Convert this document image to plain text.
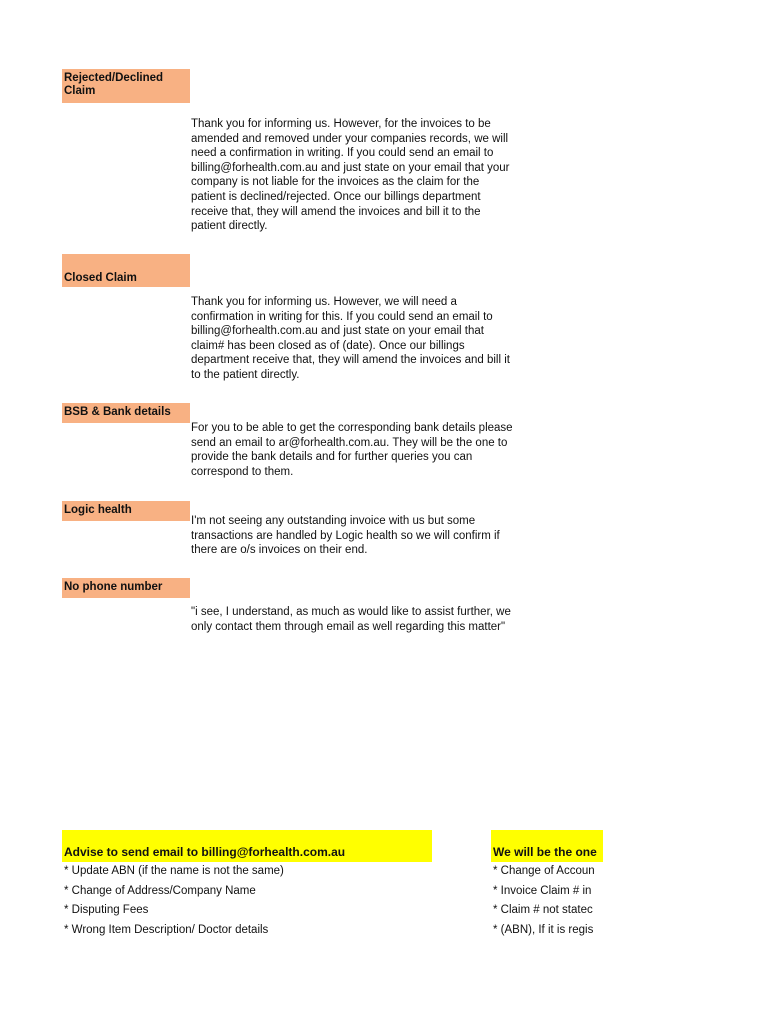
Rejected/Declined Claim
Thank you for informing us. However, for the invoices to be
amended and removed under your companies records, we will
need a confirmation in writing. If you could send an email to
billing@forhealth.com.au and just state on your email that your
company is not liable for the invoices as the claim for the
patient is declined/rejected. Once our billings department
receive that, they will amend the invoices and bill it to the
patient directly.
Closed Claim
Thank you for informing us. However, we will need a
confirmation in writing for this. If you could send an email to
billing@forhealth.com.au and just state on your email that
claim# has been closed as of (date). Once our billings
department receive that, they will amend the invoices and bill it
to the patient directly.
BSB & Bank details
For you to be able to get the corresponding bank details please
send an email to ar@forhealth.com.au. They will be the one to
provide the bank details and for further queries you can
correspond to them.
Logic health
I'm not seeing any outstanding invoice with us but some
transactions are handled by Logic health so we will confirm if
there are o/s invoices on their end.
No phone number
"i see, I understand, as much as would like to assist further, we
only contact them through email as well regarding this matter"
Advise to send email to billing@forhealth.com.au
* Update ABN (if the name is not the same)
* Change of Address/Company Name
* Disputing Fees
* Wrong Item Description/ Doctor details
We will be the one
* Change of Accoun
* Invoice Claim # in
* Claim # not statec
* (ABN), If it is regis
